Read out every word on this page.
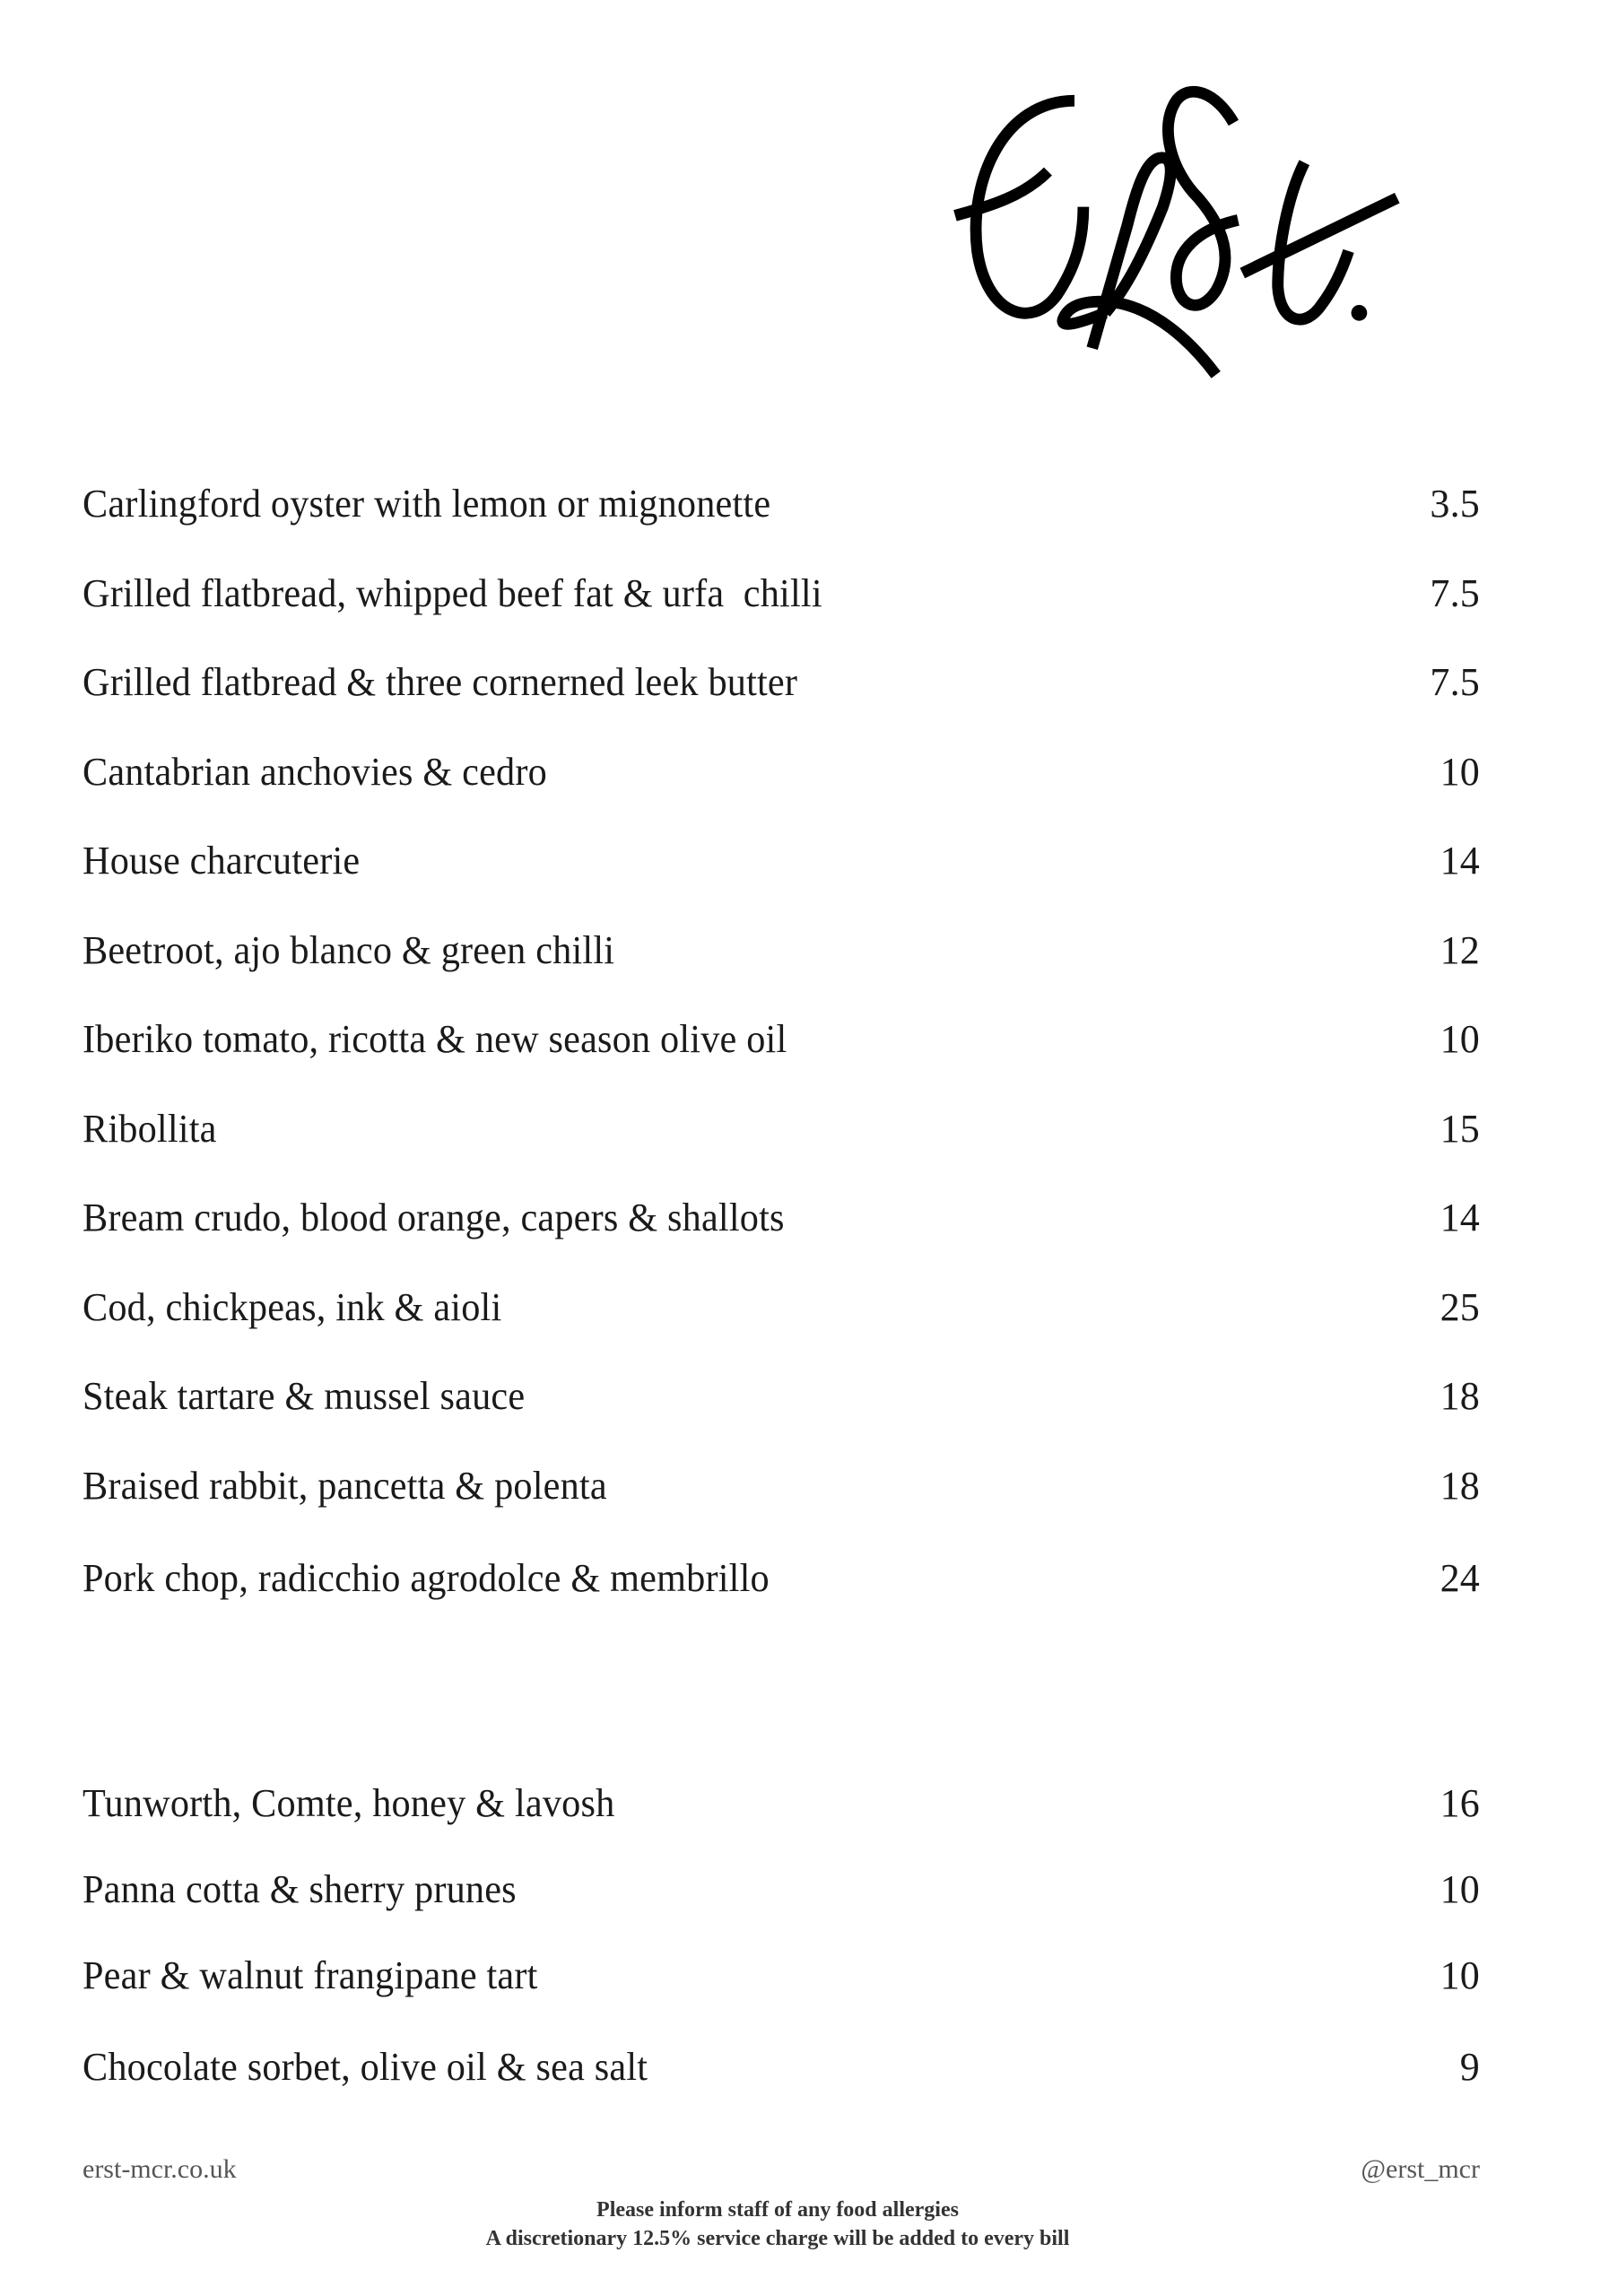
Carlingford oyster with lemon or mignonette	3.5
Grilled flatbread, whipped beef fat & urfa  chilli	7.5
Grilled flatbread & three cornerned leek butter	7.5
Cantabrian anchovies & cedro	10
House charcuterie	14
Beetroot, ajo blanco & green chilli	12
Iberiko tomato, ricotta & new season olive oil	10
Ribollita	15
Bream crudo, blood orange, capers & shallots	14
Cod, chickpeas, ink & aioli	25
Steak tartare & mussel sauce	18
Braised rabbit, pancetta & polenta	18
Pork chop, radicchio agrodolce & membrillo	24
Tunworth, Comte, honey & lavosh	16
Panna cotta & sherry prunes	10
Pear & walnut frangipane tart	10
Chocolate sorbet, olive oil & sea salt	9
erst-mcr.co.uk	@erst_mcr
Please inform staff of any food allergies
A discretionary 12.5% service charge will be added to every bill
